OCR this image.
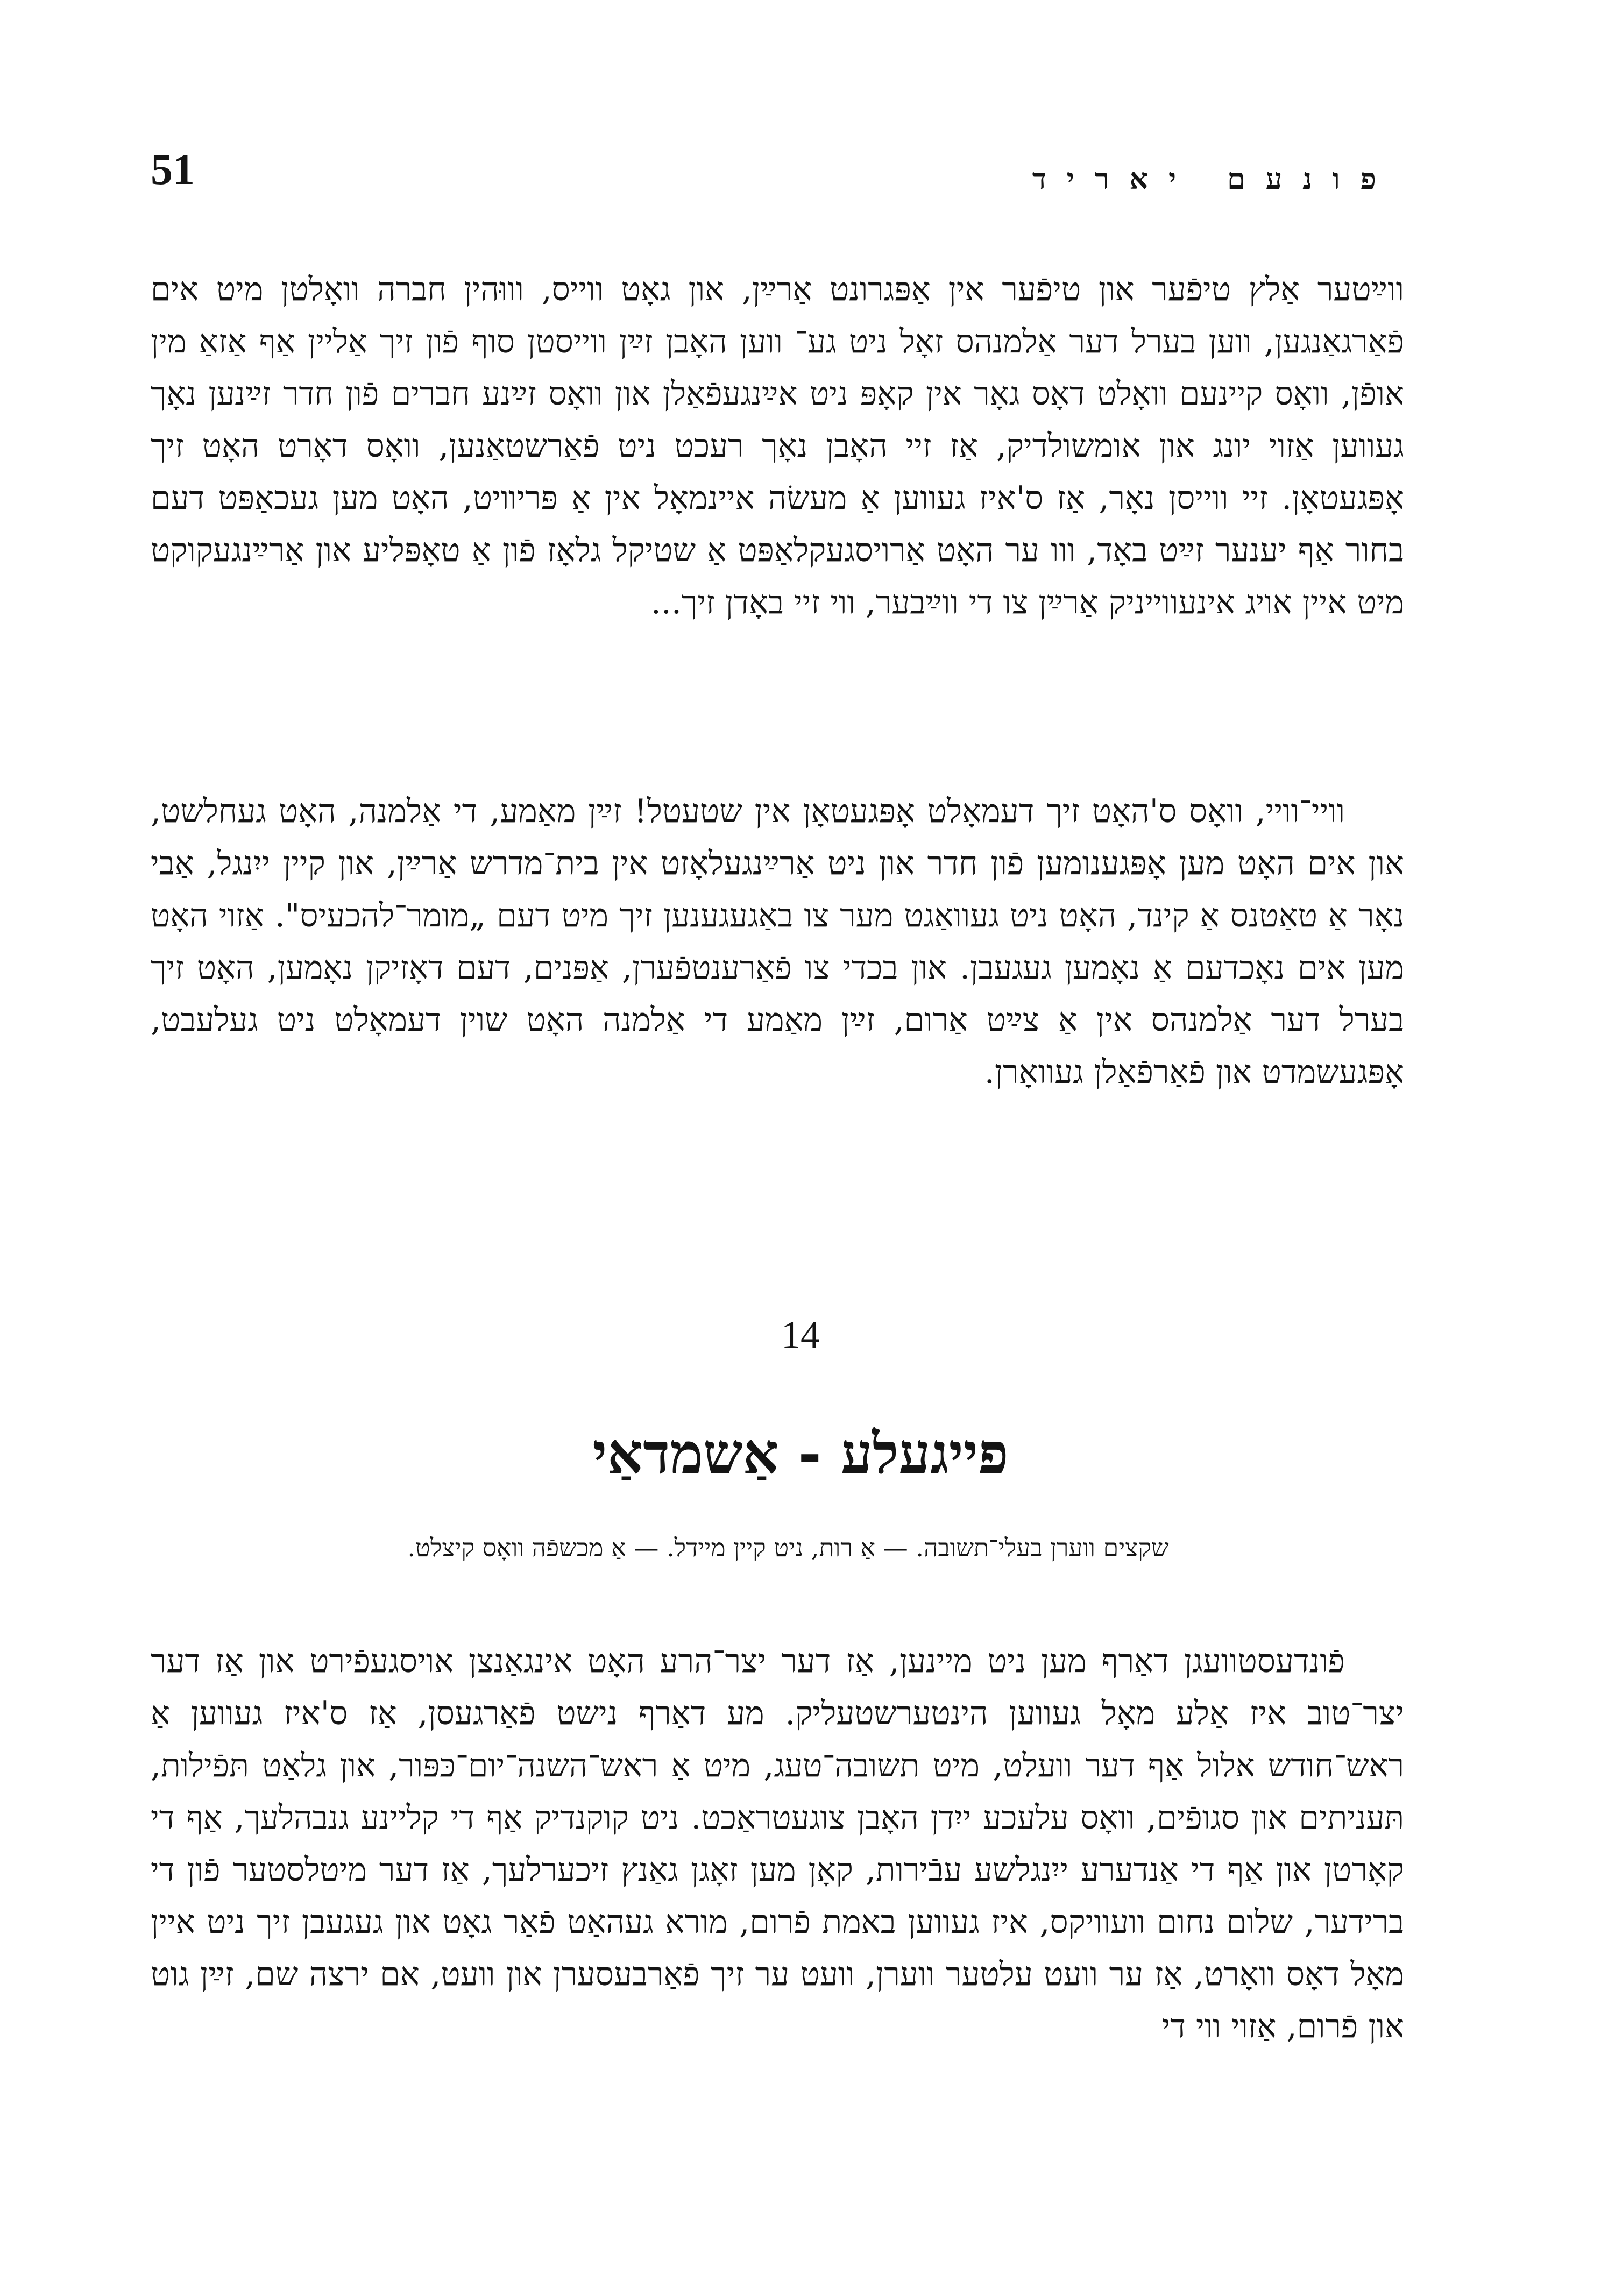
51	פונעם יאריד

ווײַטער אַלץ טיפֿער און טיפֿער אין אַפּגרונט אַרײַן, און גאָט ווייס, וווּהין חברה וואָלטן מיט אים פֿאַרגאַנגען, ווען בערל דער אַלמנהס זאָל ניט גע־ ווען האָבן זײַן ווייסטן סוף פֿון זיך אַליין אַף אַזאַ מין אופֿן, וואָס קיינעם וואָלט דאָס גאָר אין קאָפּ ניט אײַנגעפֿאַלן און וואָס זײַנע חברים פֿון חדר זײַנען נאָך געווען אַזוי יונג און אומשולדיק, אַז זיי האָבן נאָך רעכט ניט פֿאַרשטאַנען, וואָס דאָרט האָט זיך אָפּגעטאָן. זיי ווייסן נאָר, אַז ס'איז געווען אַ מעשׂה איינמאָל אין אַ פּריװיט, האָט מען געכאַפּט דעם בחור אַף יענער זײַט באָד, ווו ער האָט אַרויסגעקלאַפּט אַ שטיקל גלאָז פֿון אַ טאָפּליע און אַרײַנגעקוקט מיט איין אויג אינעווייניק אַרײַן צו די ווײַבער, ווי זיי באָדן זיך...

וויי־וויי, וואָס ס'האָט זיך דעמאָלט אָפּגעטאָן אין שטעטל! זײַן מאַמע, די אַלמנה, האָט געחלשט, און אים האָט מען אָפּגענומען פֿון חדר און ניט אַרײַנגעלאָזט אין בית־מדרש אַרײַן, און קיין ייִנגל, אַבי נאָר אַ טאַטנס אַ קינד, האָט ניט געוואַגט מער צו באַגעגענען זיך מיט דעם „מומר־להכעיס". אַזוי האָט מען אים נאָכדעם אַ נאָמען געגעבן. און בכדי צו פֿאַרענטפֿערן, אַפּנים, דעם דאָזיקן נאָמען, האָט זיך בערל דער אַלמנהס אין אַ צײַט אַרום, זײַן מאַמע די אַלמנה האָט שוין דעמאָלט ניט געלעבט, אָפּגעשמדט און פֿאַרפֿאַלן געוואָרן.

14
פייגעלע - אַשמדאַי
שקצים ווערן בעלי־תשובה. — אַ רות, ניט קיין מיידל. — אַ מכשפֿה וואָס קיצלט.

פֿונדעסטוועגן דאַרף מען ניט מיינען, אַז דער יצר־הרע האָט אינגאַנצן אויסגעפֿירט און אַז דער יצר־טוב איז אַלע מאָל געווען הינטערשטעליק. מע דאַרף נישט פֿאַרגעסן, אַז ס'איז געווען אַ ראש־חודש אלול אַף דער וועלט, מיט תשובה־טעג, מיט אַ ראש־השנה־יום־כּפּור, און גלאַט תּפֿילות, תּעניתים און סגופֿים, וואָס עלעכע ייִדן האָבן צוגעטראַכט. ניט קוקנדיק אַף די קליינע גנבהלעך, אַף די קאָרטן און אַף די אַנדערע ייִנגלשע עבֿירות, קאָן מען זאָגן גאַנץ זיכערלעך, אַז דער מיטלסטער פֿון די ברידער, שלום נחום וועוויקס, איז געווען באמת פֿרום, מורא געהאַט פֿאַר גאָט און געגעבן זיך ניט איין מאָל דאָס וואָרט, אַז ער וועט עלטער ווערן, וועט ער זיך פֿאַרבעסערן און וועט, אם ירצה שם, זײַן גוט און פֿרום, אַזוי ווי די
